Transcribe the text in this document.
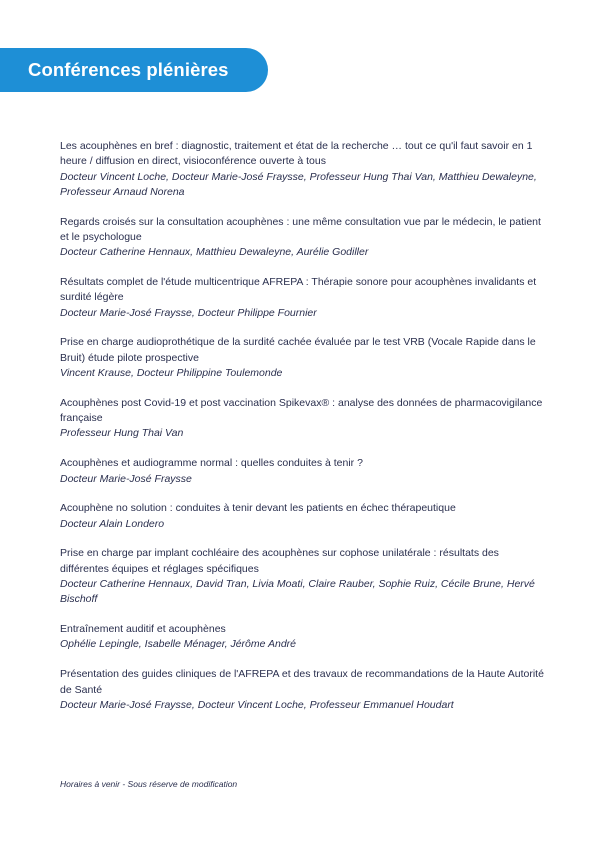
Conférences plénières
Les acouphènes en bref : diagnostic, traitement et état de la recherche … tout ce qu'il faut savoir en 1 heure / diffusion en direct, visioconférence ouverte à tous
Docteur Vincent Loche, Docteur Marie-José Fraysse, Professeur Hung Thai Van, Matthieu Dewaleyne, Professeur Arnaud Norena
Regards croisés sur la consultation acouphènes : une même consultation vue par le médecin, le patient et le psychologue
Docteur Catherine Hennaux, Matthieu Dewaleyne, Aurélie Godiller
Résultats complet de l'étude multicentrique AFREPA : Thérapie sonore pour acouphènes invalidants et surdité légère
Docteur Marie-José Fraysse, Docteur Philippe Fournier
Prise en charge audioprothétique de la surdité cachée évaluée par le test VRB (Vocale Rapide dans le Bruit) étude pilote prospective
Vincent Krause, Docteur Philippine Toulemonde
Acouphènes post Covid-19 et post vaccination Spikevax® : analyse des données de pharmacovigilance française
Professeur Hung Thai Van
Acouphènes et audiogramme normal : quelles conduites à tenir ?
Docteur Marie-José Fraysse
Acouphène no solution : conduites à tenir devant les patients en échec thérapeutique
Docteur Alain Londero
Prise en charge par implant cochléaire des acouphènes sur cophose unilatérale : résultats des différentes équipes et réglages spécifiques
Docteur Catherine Hennaux, David Tran, Livia Moati, Claire Rauber, Sophie Ruiz, Cécile Brune, Hervé Bischoff
Entraînement auditif et acouphènes
Ophélie Lepingle, Isabelle Ménager, Jérôme André
Présentation des guides cliniques de l'AFREPA et des travaux de recommandations de la Haute Autorité de Santé
Docteur Marie-José Fraysse, Docteur Vincent Loche, Professeur Emmanuel Houdart
Horaires à venir - Sous réserve de modification
